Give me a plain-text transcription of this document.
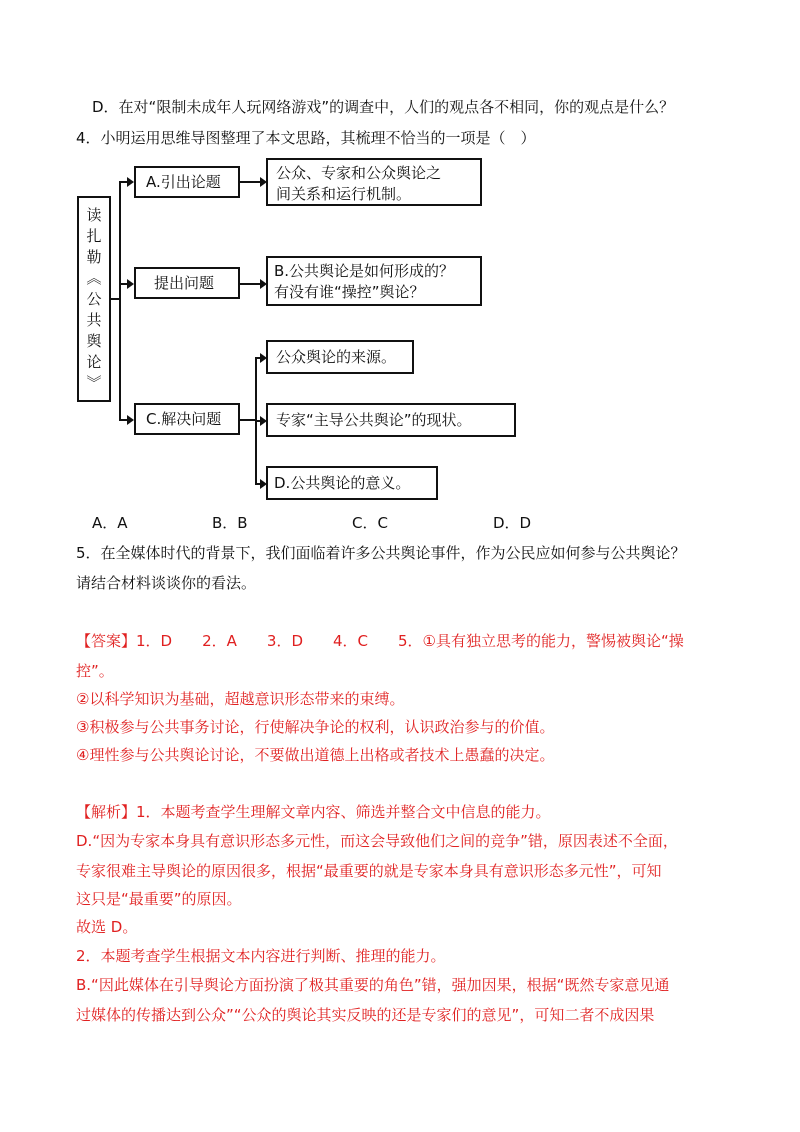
D．在对“限制未成年人玩网络游戏”的调查中，人们的观点各不相同，你的观点是什么？
4．小明运用思维导图整理了本文思路，其梳理不恰当的一项是（　）
读
扎
勒
︽
公
共
舆
论
︾
A.引出论题
提出问题
C.解决问题
公众、专家和公众舆论之
间关系和运行机制。
B.公共舆论是如何形成的？
有没有谁“操控”舆论？
公众舆论的来源。
专家“主导公共舆论”的现状。
D.公共舆论的意义。
A．A	B．B	C．C	D．D
5．在全媒体时代的背景下，我们面临着许多公共舆论事件，作为公民应如何参与公共舆论？
请结合材料谈谈你的看法。
【答案】1．D　　2．A　　3．D　　4．C　　5．①具有独立思考的能力，警惕被舆论“操
控”。
②以科学知识为基础，超越意识形态带来的束缚。
③积极参与公共事务讨论，行使解决争论的权利，认识政治参与的价值。
④理性参与公共舆论讨论，不要做出道德上出格或者技术上愚蠢的决定。
【解析】1．本题考查学生理解文章内容、筛选并整合文中信息的能力。
D.“因为专家本身具有意识形态多元性，而这会导致他们之间的竞争”错，原因表述不全面，
专家很难主导舆论的原因很多，根据“最重要的就是专家本身具有意识形态多元性”，可知
这只是“最重要”的原因。
故选 D。
2．本题考查学生根据文本内容进行判断、推理的能力。
B.“因此媒体在引导舆论方面扮演了极其重要的角色”错，强加因果，根据“既然专家意见通
过媒体的传播达到公众”“公众的舆论其实反映的还是专家们的意见”，可知二者不成因果
